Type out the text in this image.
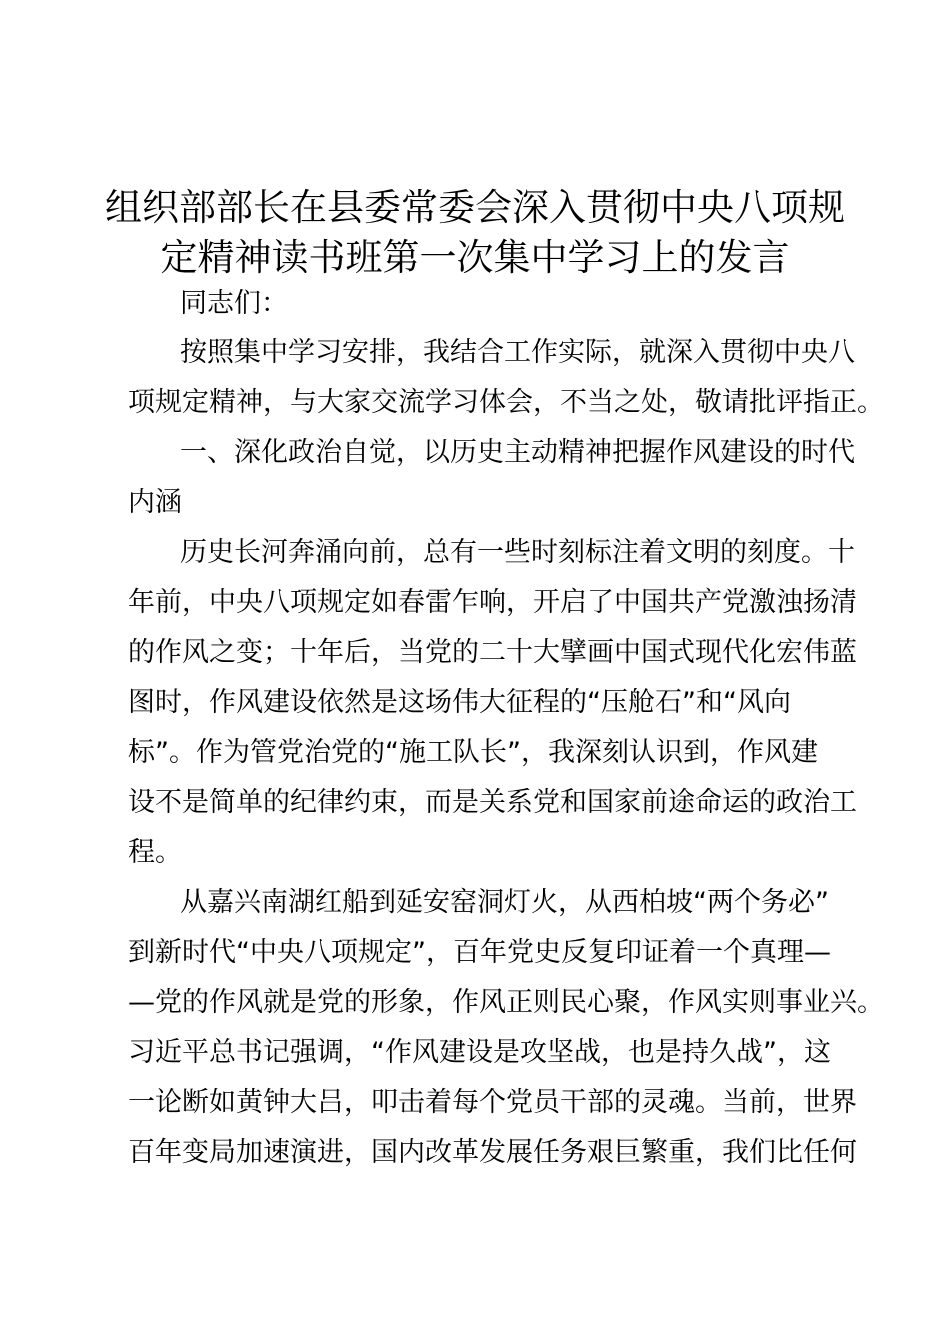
组织部部长在县委常委会深入贯彻中央八项规
定精神读书班第一次集中学习上的发言

同志们：

按照集中学习安排，我结合工作实际，就深入贯彻中央八

项规定精神，与大家交流学习体会，不当之处，敬请批评指正。

一、深化政治自觉，以历史主动精神把握作风建设的时代

内涵

历史长河奔涌向前，总有一些时刻标注着文明的刻度。十

年前，中央八项规定如春雷乍响，开启了中国共产党激浊扬清

的作风之变；十年后，当党的二十大擘画中国式现代化宏伟蓝

图时，作风建设依然是这场伟大征程的“压舱石”和“风向

标”。作为管党治党的“施工队长”，我深刻认识到，作风建

设不是简单的纪律约束，而是关系党和国家前途命运的政治工

程。

从嘉兴南湖红船到延安窑洞灯火，从西柏坡“两个务必”

到新时代“中央八项规定”，百年党史反复印证着一个真理—

—党的作风就是党的形象，作风正则民心聚，作风实则事业兴。

习近平总书记强调，“作风建设是攻坚战，也是持久战”，这

一论断如黄钟大吕，叩击着每个党员干部的灵魂。当前，世界

百年变局加速演进，国内改革发展任务艰巨繁重，我们比任何
